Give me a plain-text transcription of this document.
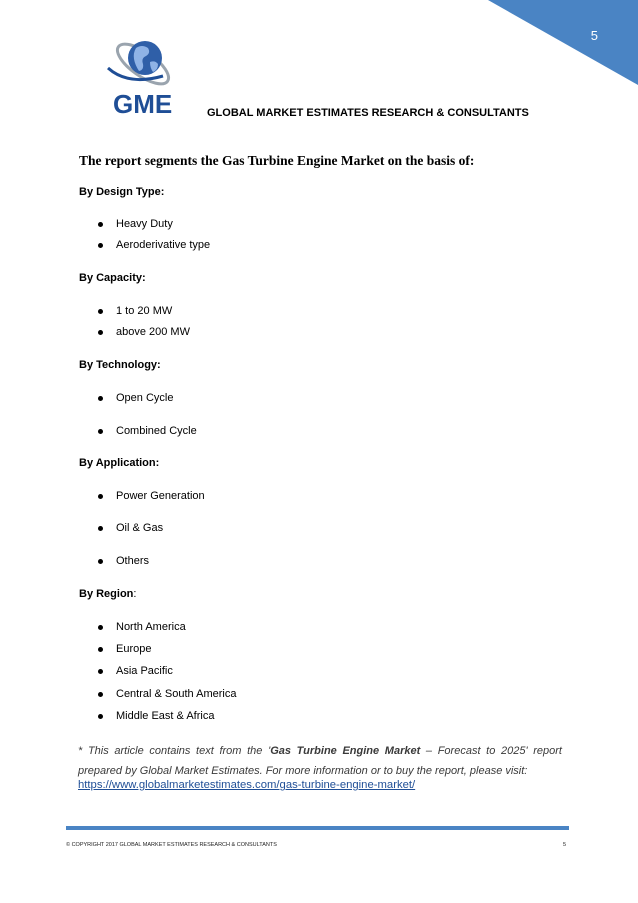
5
GME	GLOBAL MARKET ESTIMATES RESEARCH & CONSULTANTS
The report segments the Gas Turbine Engine Market on the basis of:
By Design Type:
Heavy Duty
Aeroderivative type
By Capacity:
1 to 20 MW
above 200 MW
By Technology:
Open Cycle
Combined Cycle
By Application:
Power Generation
Oil & Gas
Others
By Region:
North America
Europe
Asia Pacific
Central & South America
Middle East & Africa
* This article contains text from the 'Gas Turbine Engine Market – Forecast to 2025' report prepared by Global Market Estimates. For more information or to buy the report, please visit:
https://www.globalmarketestimates.com/gas-turbine-engine-market/
© COPYRIGHT 2017 GLOBAL MARKET ESTIMATES RESEARCH & CONSULTANTS	5
